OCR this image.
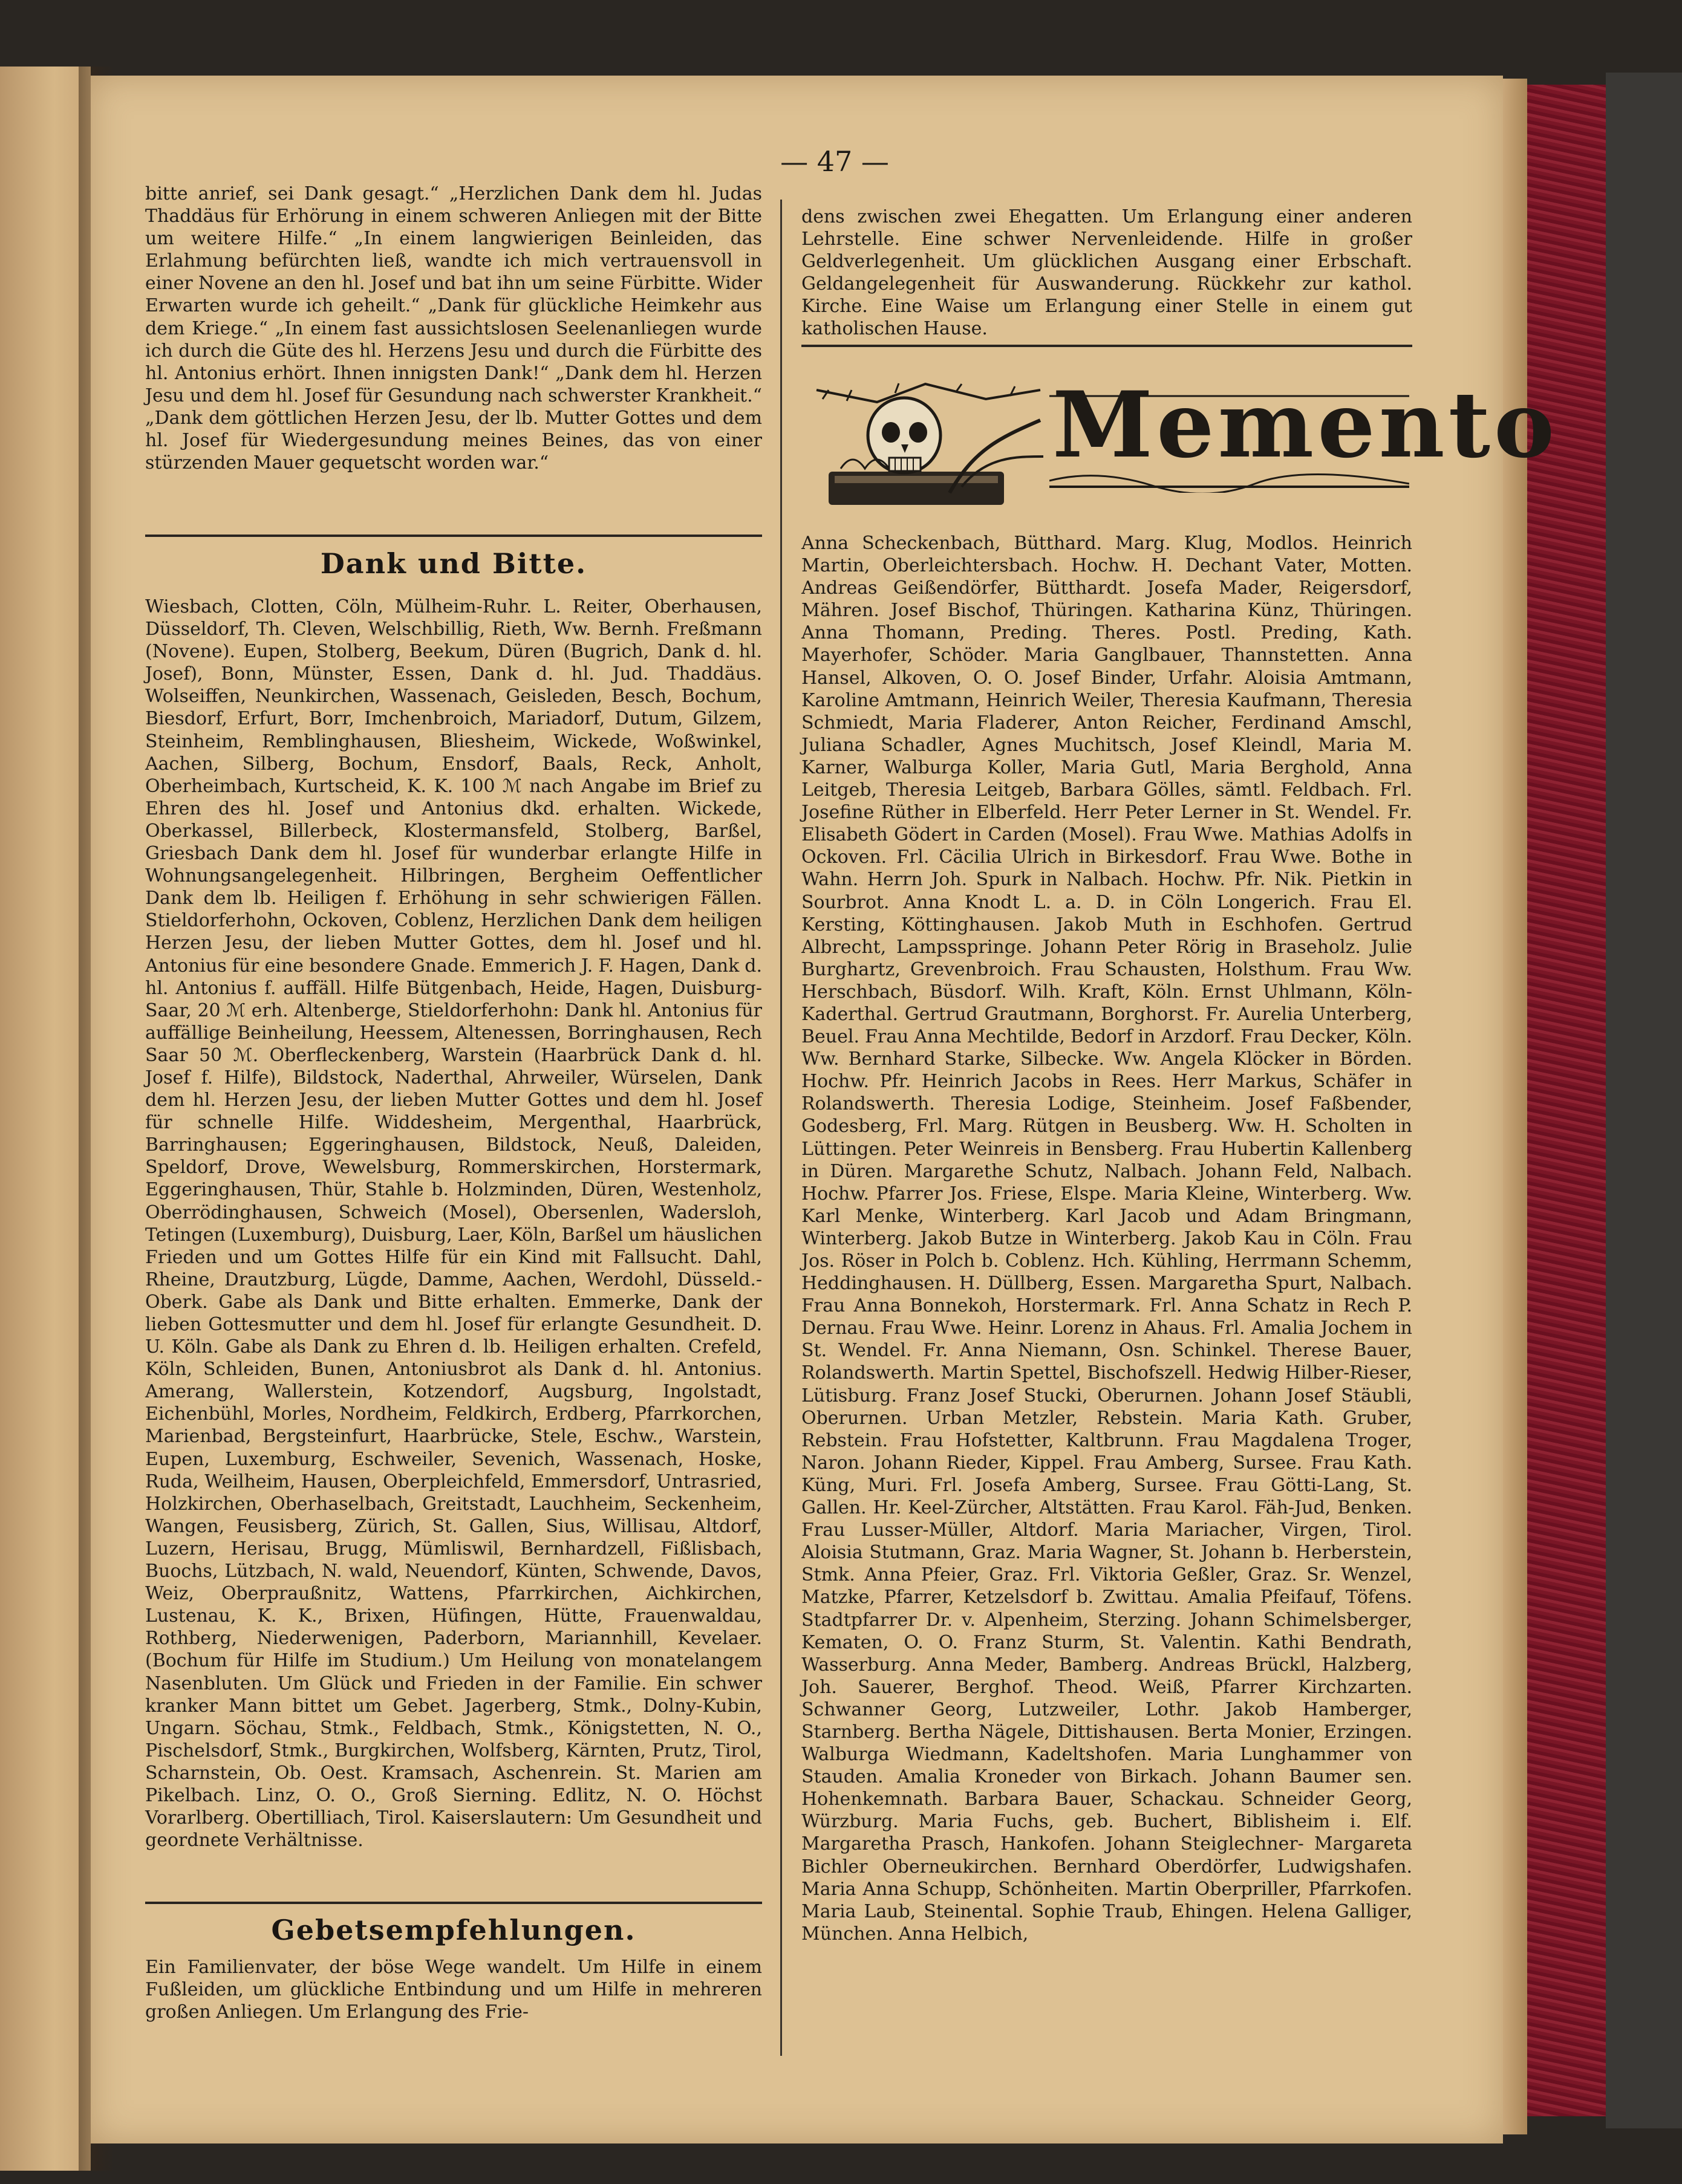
— 47 —

bitte anrief, sei Dank gesagt.“ „Herzlichen Dank dem hl. Judas Thaddäus für Erhörung in einem schweren Anliegen mit der Bitte um weitere Hilfe.“ „In einem langwierigen Beinleiden, das Erlahmung befürchten ließ, wandte ich mich vertrauensvoll in einer Novene an den hl. Josef und bat ihn um seine Fürbitte. Wider Erwarten wurde ich geheilt.“ „Dank für glückliche Heimkehr aus dem Kriege.“ „In einem fast aussichtslosen Seelenanliegen wurde ich durch die Güte des hl. Herzens Jesu und durch die Fürbitte des hl. Antonius erhört. Ihnen innigsten Dank!“ „Dank dem hl. Herzen Jesu und dem hl. Josef für Gesundung nach schwerster Krankheit.“ „Dank dem göttlichen Herzen Jesu, der lb. Mutter Gottes und dem hl. Josef für Wiedergesundung meines Beines, das von einer stürzenden Mauer gequetscht worden war.“

Dank und Bitte.

Wiesbach, Clotten, Cöln, Mülheim-Ruhr. L. Reiter, Oberhausen, Düsseldorf, Th. Cleven, Welschbillig, Rieth, Ww. Bernh. Freßmann (Novene). Eupen, Stolberg, Beekum, Düren (Bugrich, Dank d. hl. Josef), Bonn, Münster, Essen, Dank d. hl. Jud. Thaddäus. Wolseiffen, Neunkirchen, Wassenach, Geisleden, Besch, Bochum, Biesdorf, Erfurt, Borr, Imchenbroich, Mariadorf, Dutum, Gilzem, Steinheim, Remblinghausen, Bliesheim, Wickede, Woßwinkel, Aachen, Silberg, Bochum, Ensdorf, Baals, Reck, Anholt, Oberheimbach, Kurtscheid, K. K. 100 ℳ nach Angabe im Brief zu Ehren des hl. Josef und Antonius dkd. erhalten. Wickede, Oberkassel, Billerbeck, Klostermansfeld, Stolberg, Barßel, Griesbach Dank dem hl. Josef für wunderbar erlangte Hilfe in Wohnungsangelegenheit. Hilbringen, Bergheim Oeffentlicher Dank dem lb. Heiligen f. Erhöhung in sehr schwierigen Fällen. Stieldorferhohn, Ockoven, Coblenz, Herzlichen Dank dem heiligen Herzen Jesu, der lieben Mutter Gottes, dem hl. Josef und hl. Antonius für eine besondere Gnade. Emmerich J. F. Hagen, Dank d. hl. Antonius f. auffäll. Hilfe Bütgenbach, Heide, Hagen, Duisburg-Saar, 20 ℳ erh. Altenberge, Stieldorferhohn: Dank hl. Antonius für auffällige Beinheilung, Heessem, Altenessen, Borringhausen, Rech Saar 50 ℳ. Oberfleckenberg, Warstein (Haarbrück Dank d. hl. Josef f. Hilfe), Bildstock, Naderthal, Ahrweiler, Würselen, Dank dem hl. Herzen Jesu, der lieben Mutter Gottes und dem hl. Josef für schnelle Hilfe. Widdesheim, Mergenthal, Haarbrück, Barringhausen; Eggeringhausen, Bildstock, Neuß, Daleiden, Speldorf, Drove, Wewelsburg, Rommerskirchen, Horstermark, Eggeringhausen, Thür, Stahle b. Holzminden, Düren, Westenholz, Oberrödinghausen, Schweich (Mosel), Obersenlen, Wadersloh, Tetingen (Luxemburg), Duisburg, Laer, Köln, Barßel um häuslichen Frieden und um Gottes Hilfe für ein Kind mit Fallsucht. Dahl, Rheine, Drautzburg, Lügde, Damme, Aachen, Werdohl, Düsseld.-Oberk. Gabe als Dank und Bitte erhalten. Emmerke, Dank der lieben Gottesmutter und dem hl. Josef für erlangte Gesundheit. D. U. Köln. Gabe als Dank zu Ehren d. lb. Heiligen erhalten. Crefeld, Köln, Schleiden, Bunen, Antoniusbrot als Dank d. hl. Antonius. Amerang, Wallerstein, Kotzendorf, Augsburg, Ingolstadt, Eichenbühl, Morles, Nordheim, Feldkirch, Erdberg, Pfarrkorchen, Marienbad, Bergsteinfurt, Haarbrücke, Stele, Eschw., Warstein, Eupen, Luxemburg, Eschweiler, Sevenich, Wassenach, Hoske, Ruda, Weilheim, Hausen, Oberpleichfeld, Emmersdorf, Untrasried, Holzkirchen, Oberhaselbach, Greitstadt, Lauchheim, Seckenheim, Wangen, Feusisberg, Zürich, St. Gallen, Sius, Willisau, Altdorf, Luzern, Herisau, Brugg, Mümliswil, Bernhardzell, Fißlisbach, Buochs, Lützbach, N. wald, Neuendorf, Künten, Schwende, Davos, Weiz, Oberpraußnitz, Wattens, Pfarrkirchen, Aichkirchen, Lustenau, K. K., Brixen, Hüfingen, Hütte, Frauenwaldau, Rothberg, Niederwenigen, Paderborn, Mariannhill, Kevelaer. (Bochum für Hilfe im Studium.) Um Heilung von monatelangem Nasenbluten. Um Glück und Frieden in der Familie. Ein schwer kranker Mann bittet um Gebet. Jagerberg, Stmk., Dolny-Kubin, Ungarn. Söchau, Stmk., Feldbach, Stmk., Königstetten, N. O., Pischelsdorf, Stmk., Burgkirchen, Wolfsberg, Kärnten, Prutz, Tirol, Scharnstein, Ob. Oest. Kramsach, Aschenrein. St. Marien am Pikelbach. Linz, O. O., Groß Sierning. Edlitz, N. O. Höchst Vorarlberg. Obertilliach, Tirol. Kaiserslautern: Um Gesundheit und geordnete Verhältnisse.

Gebetsempfehlungen.

Ein Familienvater, der böse Wege wandelt. Um Hilfe in einem Fußleiden, um glückliche Entbindung und um Hilfe in mehreren großen Anliegen. Um Erlangung des Frie-

dens zwischen zwei Ehegatten. Um Erlangung einer anderen Lehrstelle. Eine schwer Nervenleidende. Hilfe in großer Geldverlegenheit. Um glücklichen Ausgang einer Erbschaft. Geldangelegenheit für Auswanderung. Rückkehr zur kathol. Kirche. Eine Waise um Erlangung einer Stelle in einem gut katholischen Hause.

Memento

Anna Scheckenbach, Bütthard. Marg. Klug, Modlos. Heinrich Martin, Oberleichtersbach. Hochw. H. Dechant Vater, Motten. Andreas Geißendörfer, Bütthardt. Josefa Mader, Reigersdorf, Mähren. Josef Bischof, Thüringen. Katharina Künz, Thüringen. Anna Thomann, Preding. Theres. Postl. Preding, Kath. Mayerhofer, Schöder. Maria Ganglbauer, Thannstetten. Anna Hansel, Alkoven, O. O. Josef Binder, Urfahr. Aloisia Amtmann, Karoline Amtmann, Heinrich Weiler, Theresia Kaufmann, Theresia Schmiedt, Maria Fladerer, Anton Reicher, Ferdinand Amschl, Juliana Schadler, Agnes Muchitsch, Josef Kleindl, Maria M. Karner, Walburga Koller, Maria Gutl, Maria Berghold, Anna Leitgeb, Theresia Leitgeb, Barbara Gölles, sämtl. Feldbach. Frl. Josefine Rüther in Elberfeld. Herr Peter Lerner in St. Wendel. Fr. Elisabeth Gödert in Carden (Mosel). Frau Wwe. Mathias Adolfs in Ockoven. Frl. Cäcilia Ulrich in Birkesdorf. Frau Wwe. Bothe in Wahn. Herrn Joh. Spurk in Nalbach. Hochw. Pfr. Nik. Pietkin in Sourbrot. Anna Knodt L. a. D. in Cöln Longerich. Frau El. Kersting, Köttinghausen. Jakob Muth in Eschhofen. Gertrud Albrecht, Lampsspringe. Johann Peter Rörig in Braseholz. Julie Burghartz, Grevenbroich. Frau Schausten, Holsthum. Frau Ww. Herschbach, Büsdorf. Wilh. Kraft, Köln. Ernst Uhlmann, Köln-Kaderthal. Gertrud Grautmann, Borghorst. Fr. Aurelia Unterberg, Beuel. Frau Anna Mechtilde, Bedorf in Arzdorf. Frau Decker, Köln. Ww. Bernhard Starke, Silbecke. Ww. Angela Klöcker in Börden. Hochw. Pfr. Heinrich Jacobs in Rees. Herr Markus, Schäfer in Rolandswerth. Theresia Lodige, Steinheim. Josef Faßbender, Godesberg, Frl. Marg. Rütgen in Beusberg. Ww. H. Scholten in Lüttingen. Peter Weinreis in Bensberg. Frau Hubertin Kallenberg in Düren. Margarethe Schutz, Nalbach. Johann Feld, Nalbach. Hochw. Pfarrer Jos. Friese, Elspe. Maria Kleine, Winterberg. Ww. Karl Menke, Winterberg. Karl Jacob und Adam Bringmann, Winterberg. Jakob Butze in Winterberg. Jakob Kau in Cöln. Frau Jos. Röser in Polch b. Coblenz. Hch. Kühling, Herrmann Schemm, Heddinghausen. H. Düllberg, Essen. Margaretha Spurt, Nalbach. Frau Anna Bonnekoh, Horstermark. Frl. Anna Schatz in Rech P. Dernau. Frau Wwe. Heinr. Lorenz in Ahaus. Frl. Amalia Jochem in St. Wendel. Fr. Anna Niemann, Osn. Schinkel. Therese Bauer, Rolandswerth. Martin Spettel, Bischofszell. Hedwig Hilber-Rieser, Lütisburg. Franz Josef Stucki, Oberurnen. Johann Josef Stäubli, Oberurnen. Urban Metzler, Rebstein. Maria Kath. Gruber, Rebstein. Frau Hofstetter, Kaltbrunn. Frau Magdalena Troger, Naron. Johann Rieder, Kippel. Frau Amberg, Sursee. Frau Kath. Küng, Muri. Frl. Josefa Amberg, Sursee. Frau Götti-Lang, St. Gallen. Hr. Keel-Zürcher, Altstätten. Frau Karol. Fäh-Jud, Benken. Frau Lusser-Müller, Altdorf. Maria Mariacher, Virgen, Tirol. Aloisia Stutmann, Graz. Maria Wagner, St. Johann b. Herberstein, Stmk. Anna Pfeier, Graz. Frl. Viktoria Geßler, Graz. Sr. Wenzel, Matzke, Pfarrer, Ketzelsdorf b. Zwittau. Amalia Pfeifauf, Töfens. Stadtpfarrer Dr. v. Alpenheim, Sterzing. Johann Schimelsberger, Kematen, O. O. Franz Sturm, St. Valentin. Kathi Bendrath, Wasserburg. Anna Meder, Bamberg. Andreas Brückl, Halzberg, Joh. Sauerer, Berghof. Theod. Weiß, Pfarrer Kirchzarten. Schwanner Georg, Lutzweiler, Lothr. Jakob Hamberger, Starnberg. Bertha Nägele, Dittishausen. Berta Monier, Erzingen. Walburga Wiedmann, Kadeltshofen. Maria Lunghammer von Stauden. Amalia Kroneder von Birkach. Johann Baumer sen. Hohenkemnath. Barbara Bauer, Schackau. Schneider Georg, Würzburg. Maria Fuchs, geb. Buchert, Biblisheim i. Elf. Margaretha Prasch, Hankofen. Johann Steiglechner- Margareta Bichler Oberneukirchen. Bernhard Oberdörfer, Ludwigshafen. Maria Anna Schupp, Schönheiten. Martin Oberpriller, Pfarrkofen. Maria Laub, Steinental. Sophie Traub, Ehingen. Helena Galliger, München. Anna Helbich,
